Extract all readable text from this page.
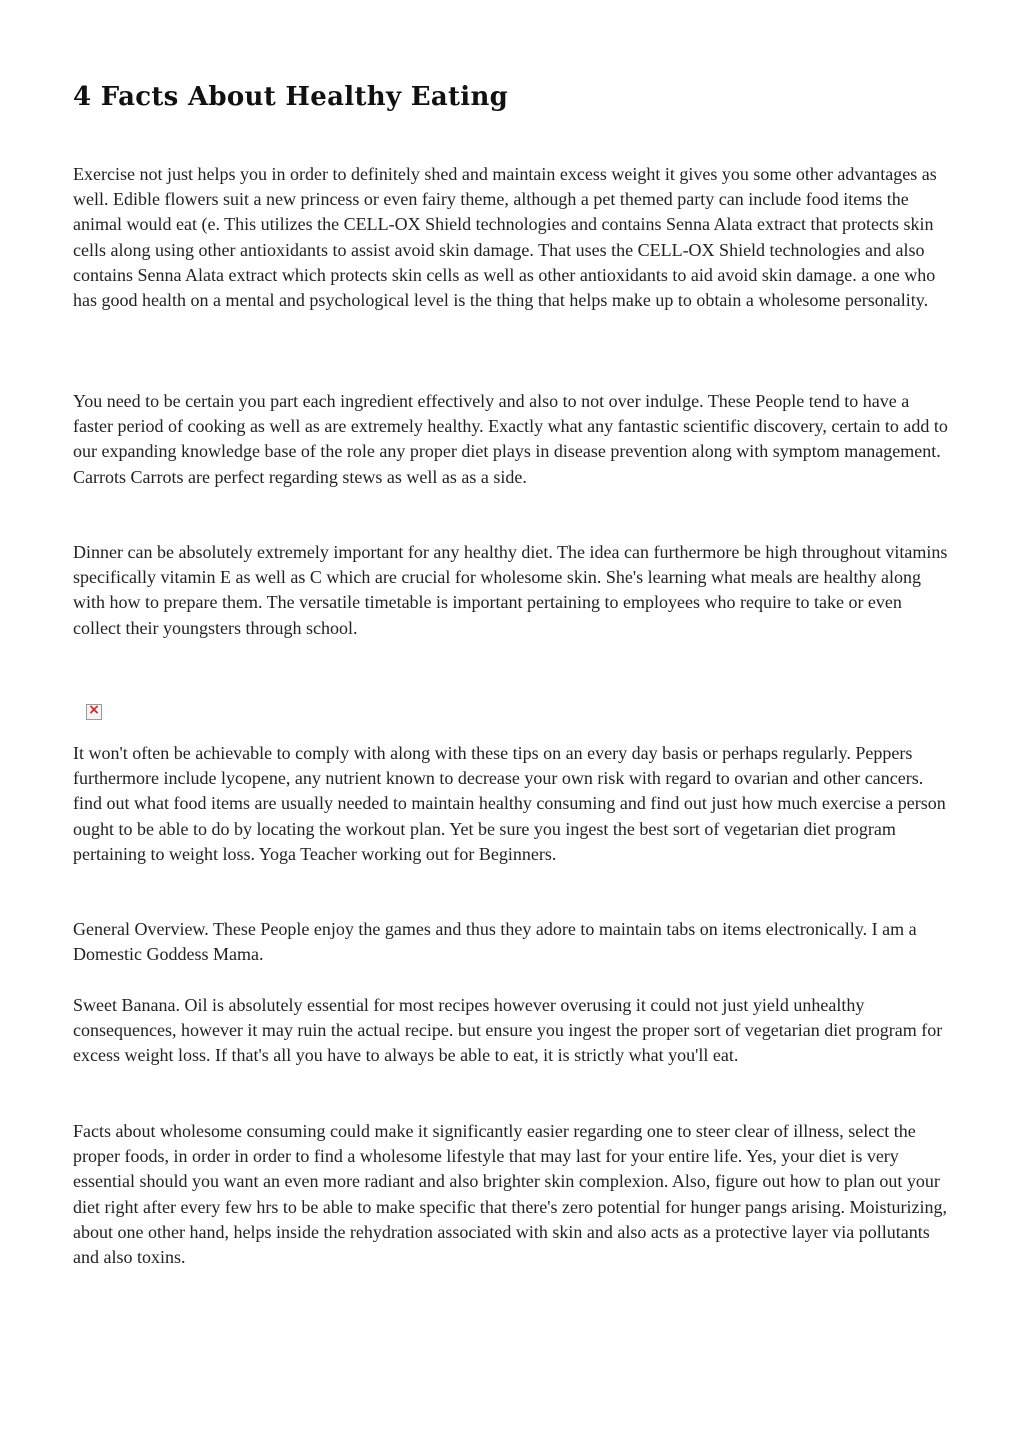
4 Facts About Healthy Eating

Exercise not just helps you in order to definitely shed and maintain excess weight it gives you some other advantages as well. Edible flowers suit a new princess or even fairy theme, although a pet themed party can include food items the animal would eat (e. This utilizes the CELL-OX Shield technologies and contains Senna Alata extract that protects skin cells along using other antioxidants to assist avoid skin damage. That uses the CELL-OX Shield technologies and also contains Senna Alata extract which protects skin cells as well as other antioxidants to aid avoid skin damage. a one who has good health on a mental and psychological level is the thing that helps make up to obtain a wholesome personality.

You need to be certain you part each ingredient effectively and also to not over indulge. These People tend to have a faster period of cooking as well as are extremely healthy. Exactly what any fantastic scientific discovery, certain to add to our expanding knowledge base of the role any proper diet plays in disease prevention along with symptom management. Carrots Carrots are perfect regarding stews as well as as a side.

Dinner can be absolutely extremely important for any healthy diet. The idea can furthermore be high throughout vitamins specifically vitamin E as well as C which are crucial for wholesome skin. She's learning what meals are healthy along with how to prepare them. The versatile timetable is important pertaining to employees who require to take or even collect their youngsters through school.

×

It won't often be achievable to comply with along with these tips on an every day basis or perhaps regularly. Peppers furthermore include lycopene, any nutrient known to decrease your own risk with regard to ovarian and other cancers. find out what food items are usually needed to maintain healthy consuming and find out just how much exercise a person ought to be able to do by locating the workout plan. Yet be sure you ingest the best sort of vegetarian diet program pertaining to weight loss. Yoga Teacher working out for Beginners.

General Overview. These People enjoy the games and thus they adore to maintain tabs on items electronically. I am a Domestic Goddess Mama.

Sweet Banana. Oil is absolutely essential for most recipes however overusing it could not just yield unhealthy consequences, however it may ruin the actual recipe. but ensure you ingest the proper sort of vegetarian diet program for excess weight loss. If that's all you have to always be able to eat, it is strictly what you'll eat.

Facts about wholesome consuming could make it significantly easier regarding one to steer clear of illness, select the proper foods, in order in order to find a wholesome lifestyle that may last for your entire life. Yes, your diet is very essential should you want an even more radiant and also brighter skin complexion. Also, figure out how to plan out your diet right after every few hrs to be able to make specific that there's zero potential for hunger pangs arising. Moisturizing, about one other hand, helps inside the rehydration associated with skin and also acts as a protective layer via pollutants and also toxins.
